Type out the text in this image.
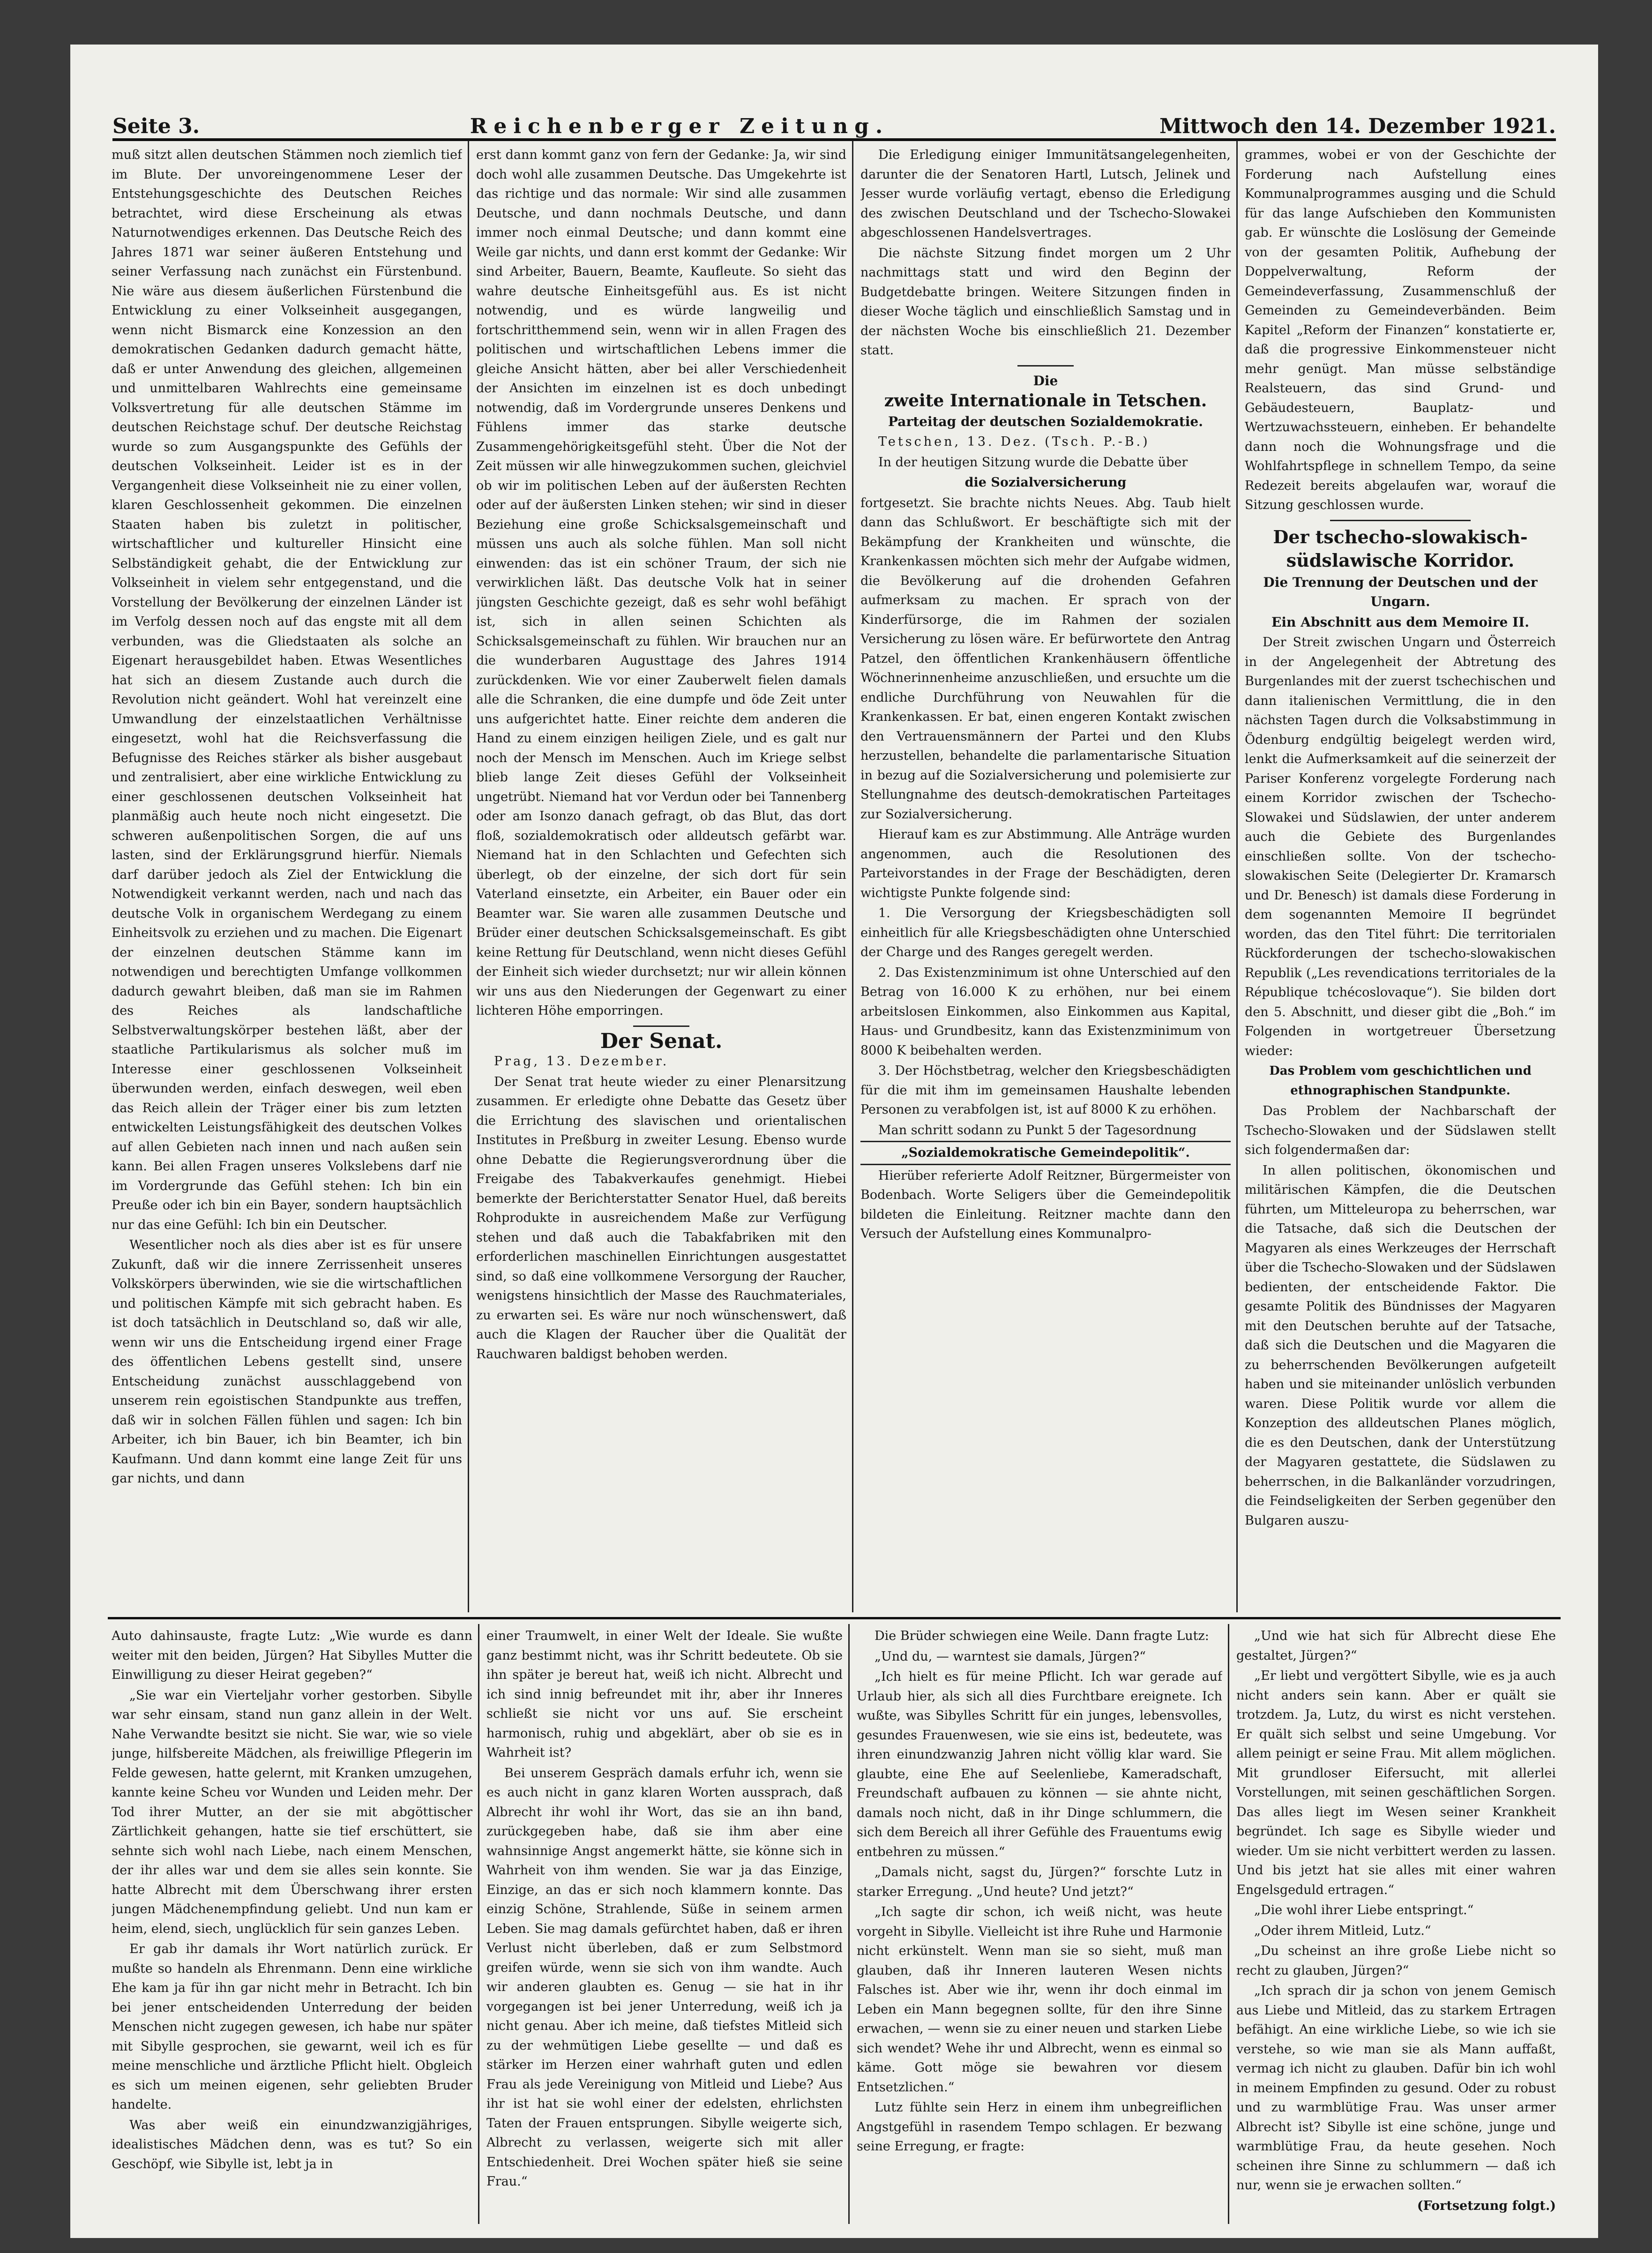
Seite 3.	Reichenberger Zeitung.	Mittwoch den 14. Dezember 1921.

muß sitzt allen deutschen Stämmen noch ziemlich tief im Blute. Der unvoreingenommene Leser der Entstehungsgeschichte des Deutschen Reiches betrachtet, wird diese Erscheinung als etwas Naturnotwendiges erkennen. Das Deutsche Reich des Jahres 1871 war seiner äußeren Entstehung und seiner Verfassung nach zunächst ein Fürstenbund. Nie wäre aus diesem äußerlichen Fürstenbund die Entwicklung zu einer Volkseinheit ausgegangen, wenn nicht Bismarck eine Konzession an den demokratischen Gedanken dadurch gemacht hätte, daß er unter Anwendung des gleichen, allgemeinen und unmittelbaren Wahlrechts eine gemeinsame Volksvertretung für alle deutschen Stämme im deutschen Reichstage schuf. Der deutsche Reichstag wurde so zum Ausgangspunkte des Gefühls der deutschen Volkseinheit. Leider ist es in der Vergangenheit diese Volkseinheit nie zu einer vollen, klaren Geschlossenheit gekommen. Die einzelnen Staaten haben bis zuletzt in politischer, wirtschaftlicher und kultureller Hinsicht eine Selbständigkeit gehabt, die der Entwicklung zur Volkseinheit in vielem sehr entgegenstand, und die Vorstellung der Bevölkerung der einzelnen Länder ist im Verfolg dessen noch auf das engste mit all dem verbunden, was die Gliedstaaten als solche an Eigenart herausgebildet haben. Etwas Wesentliches hat sich an diesem Zustande auch durch die Revolution nicht geändert. Wohl hat vereinzelt eine Umwandlung der einzelstaatlichen Verhältnisse eingesetzt, wohl hat die Reichsverfassung die Befugnisse des Reiches stärker als bisher ausgebaut und zentralisiert, aber eine wirkliche Entwicklung zu einer geschlossenen deutschen Volkseinheit hat planmäßig auch heute noch nicht eingesetzt. Die schweren außenpolitischen Sorgen, die auf uns lasten, sind der Erklärungsgrund hierfür. Niemals darf darüber jedoch als Ziel der Entwicklung die Notwendigkeit verkannt werden, nach und nach das deutsche Volk in organischem Werdegang zu einem Einheitsvolk zu erziehen und zu machen. Die Eigenart der einzelnen deutschen Stämme kann im notwendigen und berechtigten Umfange vollkommen dadurch gewahrt bleiben, daß man sie im Rahmen des Reiches als landschaftliche Selbstverwaltungskörper bestehen läßt, aber der staatliche Partikularismus als solcher muß im Interesse einer geschlossenen Volkseinheit überwunden werden, einfach deswegen, weil eben das Reich allein der Träger einer bis zum letzten entwickelten Leistungsfähigkeit des deutschen Volkes auf allen Gebieten nach innen und nach außen sein kann. Bei allen Fragen unseres Volkslebens darf nie im Vordergrunde das Gefühl stehen: Ich bin ein Preuße oder ich bin ein Bayer, sondern hauptsächlich nur das eine Gefühl: Ich bin ein Deutscher.

Wesentlicher noch als dies aber ist es für unsere Zukunft, daß wir die innere Zerrissenheit unseres Volkskörpers überwinden, wie sie die wirtschaftlichen und politischen Kämpfe mit sich gebracht haben. Es ist doch tatsächlich in Deutschland so, daß wir alle, wenn wir uns die Entscheidung irgend einer Frage des öffentlichen Lebens gestellt sind, unsere Entscheidung zunächst ausschlaggebend von unserem rein egoistischen Standpunkte aus treffen, daß wir in solchen Fällen fühlen und sagen: Ich bin Arbeiter, ich bin Bauer, ich bin Beamter, ich bin Kaufmann. Und dann kommt eine lange Zeit für uns gar nichts, und dann

erst dann kommt ganz von fern der Gedanke: Ja, wir sind doch wohl alle zusammen Deutsche. Das Umgekehrte ist das richtige und das normale: Wir sind alle zusammen Deutsche, und dann nochmals Deutsche, und dann immer noch einmal Deutsche; und dann kommt eine Weile gar nichts, und dann erst kommt der Gedanke: Wir sind Arbeiter, Bauern, Beamte, Kaufleute. So sieht das wahre deutsche Einheitsgefühl aus. Es ist nicht notwendig, und es würde langweilig und fortschritthemmend sein, wenn wir in allen Fragen des politischen und wirtschaftlichen Lebens immer die gleiche Ansicht hätten, aber bei aller Verschiedenheit der Ansichten im einzelnen ist es doch unbedingt notwendig, daß im Vordergrunde unseres Denkens und Fühlens immer das starke deutsche Zusammengehörigkeitsgefühl steht. Über die Not der Zeit müssen wir alle hinwegzukommen suchen, gleichviel ob wir im politischen Leben auf der äußersten Rechten oder auf der äußersten Linken stehen; wir sind in dieser Beziehung eine große Schicksalsgemeinschaft und müssen uns auch als solche fühlen. Man soll nicht einwenden: das ist ein schöner Traum, der sich nie verwirklichen läßt. Das deutsche Volk hat in seiner jüngsten Geschichte gezeigt, daß es sehr wohl befähigt ist, sich in allen seinen Schichten als Schicksalsgemeinschaft zu fühlen. Wir brauchen nur an die wunderbaren Augusttage des Jahres 1914 zurückdenken. Wie vor einer Zauberwelt fielen damals alle die Schranken, die eine dumpfe und öde Zeit unter uns aufgerichtet hatte. Einer reichte dem anderen die Hand zu einem einzigen heiligen Ziele, und es galt nur noch der Mensch im Menschen. Auch im Kriege selbst blieb lange Zeit dieses Gefühl der Volkseinheit ungetrübt. Niemand hat vor Verdun oder bei Tannenberg oder am Isonzo danach gefragt, ob das Blut, das dort floß, sozialdemokratisch oder alldeutsch gefärbt war. Niemand hat in den Schlachten und Gefechten sich überlegt, ob der einzelne, der sich dort für sein Vaterland einsetzte, ein Arbeiter, ein Bauer oder ein Beamter war. Sie waren alle zusammen Deutsche und Brüder einer deutschen Schicksalsgemeinschaft. Es gibt keine Rettung für Deutschland, wenn nicht dieses Gefühl der Einheit sich wieder durchsetzt; nur wir allein können wir uns aus den Niederungen der Gegenwart zu einer lichteren Höhe emporringen.

Der Senat.

Prag, 13. Dezember.

Der Senat trat heute wieder zu einer Plenarsitzung zusammen. Er erledigte ohne Debatte das Gesetz über die Errichtung des slavischen und orientalischen Institutes in Preßburg in zweiter Lesung. Ebenso wurde ohne Debatte die Regierungsverordnung über die Freigabe des Tabakverkaufes genehmigt. Hiebei bemerkte der Berichterstatter Senator Huel, daß bereits Rohprodukte in ausreichendem Maße zur Verfügung stehen und daß auch die Tabakfabriken mit den erforderlichen maschinellen Einrichtungen ausgestattet sind, so daß eine vollkommene Versorgung der Raucher, wenigstens hinsichtlich der Masse des Rauchmateriales, zu erwarten sei. Es wäre nur noch wünschenswert, daß auch die Klagen der Raucher über die Qualität der Rauchwaren baldigst behoben werden.

Die Erledigung einiger Immunitätsangelegenheiten, darunter die der Senatoren Hartl, Lutsch, Jelinek und Jesser wurde vorläufig vertagt, ebenso die Erledigung des zwischen Deutschland und der Tschecho-Slowakei abgeschlossenen Handelsvertrages.

Die nächste Sitzung findet morgen um 2 Uhr nachmittags statt und wird den Beginn der Budgetdebatte bringen. Weitere Sitzungen finden in dieser Woche täglich und einschließlich Samstag und in der nächsten Woche bis einschließlich 21. Dezember statt.

Die

zweite Internationale in Tetschen.

Parteitag der deutschen Sozialdemokratie.

Tetschen, 13. Dez. (Tsch. P.-B.)

In der heutigen Sitzung wurde die Debatte über

die Sozialversicherung

fortgesetzt. Sie brachte nichts Neues. Abg. Taub hielt dann das Schlußwort. Er beschäftigte sich mit der Bekämpfung der Krankheiten und wünschte, die Krankenkassen möchten sich mehr der Aufgabe widmen, die Bevölkerung auf die drohenden Gefahren aufmerksam zu machen. Er sprach von der Kinderfürsorge, die im Rahmen der sozialen Versicherung zu lösen wäre. Er befürwortete den Antrag Patzel, den öffentlichen Krankenhäusern öffentliche Wöchnerinnenheime anzuschließen, und ersuchte um die endliche Durchführung von Neuwahlen für die Krankenkassen. Er bat, einen engeren Kontakt zwischen den Vertrauensmännern der Partei und den Klubs herzustellen, behandelte die parlamentarische Situation in bezug auf die Sozialversicherung und polemisierte zur Stellungnahme des deutsch-demokratischen Parteitages zur Sozialversicherung.

Hierauf kam es zur Abstimmung. Alle Anträge wurden angenommen, auch die Resolutionen des Parteivorstandes in der Frage der Beschädigten, deren wichtigste Punkte folgende sind:

1. Die Versorgung der Kriegsbeschädigten soll einheitlich für alle Kriegsbeschädigten ohne Unterschied der Charge und des Ranges geregelt werden.

2. Das Existenzminimum ist ohne Unterschied auf den Betrag von 16.000 K zu erhöhen, nur bei einem arbeitslosen Einkommen, also Einkommen aus Kapital, Haus- und Grundbesitz, kann das Existenzminimum von 8000 K beibehalten werden.

3. Der Höchstbetrag, welcher den Kriegsbeschädigten für die mit ihm im gemeinsamen Haushalte lebenden Personen zu verabfolgen ist, ist auf 8000 K zu erhöhen.

Man schritt sodann zu Punkt 5 der Tagesordnung

„Sozialdemokratische Gemeindepolitik“.

Hierüber referierte Adolf Reitzner, Bürgermeister von Bodenbach. Worte Seligers über die Gemeindepolitik bildeten die Einleitung. Reitzner machte dann den Versuch der Aufstellung eines Kommunalpro-

grammes, wobei er von der Geschichte der Forderung nach Aufstellung eines Kommunalprogrammes ausging und die Schuld für das lange Aufschieben den Kommunisten gab. Er wünschte die Loslösung der Gemeinde von der gesamten Politik, Aufhebung der Doppelverwaltung, Reform der Gemeindeverfassung, Zusammenschluß der Gemeinden zu Gemeindeverbänden. Beim Kapitel „Reform der Finanzen“ konstatierte er, daß die progressive Einkommensteuer nicht mehr genügt. Man müsse selbständige Realsteuern, das sind Grund- und Gebäudesteuern, Bauplatz- und Wertzuwachssteuern, einheben. Er behandelte dann noch die Wohnungsfrage und die Wohlfahrtspflege in schnellem Tempo, da seine Redezeit bereits abgelaufen war, worauf die Sitzung geschlossen wurde.

Der tschecho-slowakisch-

südslawische Korridor.

Die Trennung der Deutschen und der Ungarn.

Ein Abschnitt aus dem Memoire II.

Der Streit zwischen Ungarn und Österreich in der Angelegenheit der Abtretung des Burgenlandes mit der zuerst tschechischen und dann italienischen Vermittlung, die in den nächsten Tagen durch die Volksabstimmung in Ödenburg endgültig beigelegt werden wird, lenkt die Aufmerksamkeit auf die seinerzeit der Pariser Konferenz vorgelegte Forderung nach einem Korridor zwischen der Tschecho-Slowakei und Südslawien, der unter anderem auch die Gebiete des Burgenlandes einschließen sollte. Von der tschecho-slowakischen Seite (Delegierter Dr. Kramarsch und Dr. Benesch) ist damals diese Forderung in dem sogenannten Memoire II begründet worden, das den Titel führt: Die territorialen Rückforderungen der tschecho-slowakischen Republik („Les revendications territoriales de la République tchécoslovaque“). Sie bilden dort den 5. Abschnitt, und dieser gibt die „Boh.“ im Folgenden in wortgetreuer Übersetzung wieder:

Das Problem vom geschichtlichen und ethnographischen Standpunkte.

Das Problem der Nachbarschaft der Tschecho-Slowaken und der Südslawen stellt sich folgendermaßen dar:

In allen politischen, ökonomischen und militärischen Kämpfen, die die Deutschen führten, um Mitteleuropa zu beherrschen, war die Tatsache, daß sich die Deutschen der Magyaren als eines Werkzeuges der Herrschaft über die Tschecho-Slowaken und der Südslawen bedienten, der entscheidende Faktor. Die gesamte Politik des Bündnisses der Magyaren mit den Deutschen beruhte auf der Tatsache, daß sich die Deutschen und die Magyaren die zu beherrschenden Bevölkerungen aufgeteilt haben und sie miteinander unlöslich verbunden waren. Diese Politik wurde vor allem die Konzeption des alldeutschen Planes möglich, die es den Deutschen, dank der Unterstützung der Magyaren gestattete, die Südslawen zu beherrschen, in die Balkanländer vorzudringen, die Feindseligkeiten der Serben gegenüber den Bulgaren auszu-

Auto dahinsauste, fragte Lutz: „Wie wurde es dann weiter mit den beiden, Jürgen? Hat Sibylles Mutter die Einwilligung zu dieser Heirat gegeben?“

„Sie war ein Vierteljahr vorher gestorben. Sibylle war sehr einsam, stand nun ganz allein in der Welt. Nahe Verwandte besitzt sie nicht. Sie war, wie so viele junge, hilfsbereite Mädchen, als freiwillige Pflegerin im Felde gewesen, hatte gelernt, mit Kranken umzugehen, kannte keine Scheu vor Wunden und Leiden mehr. Der Tod ihrer Mutter, an der sie mit abgöttischer Zärtlichkeit gehangen, hatte sie tief erschüttert, sie sehnte sich wohl nach Liebe, nach einem Menschen, der ihr alles war und dem sie alles sein konnte. Sie hatte Albrecht mit dem Überschwang ihrer ersten jungen Mädchenempfindung geliebt. Und nun kam er heim, elend, siech, unglücklich für sein ganzes Leben.

Er gab ihr damals ihr Wort natürlich zurück. Er mußte so handeln als Ehrenmann. Denn eine wirkliche Ehe kam ja für ihn gar nicht mehr in Betracht. Ich bin bei jener entscheidenden Unterredung der beiden Menschen nicht zugegen gewesen, ich habe nur später mit Sibylle gesprochen, sie gewarnt, weil ich es für meine menschliche und ärztliche Pflicht hielt. Obgleich es sich um meinen eigenen, sehr geliebten Bruder handelte.

Was aber weiß ein einundzwanzigjähriges, idealistisches Mädchen denn, was es tut? So ein Geschöpf, wie Sibylle ist, lebt ja in

einer Traumwelt, in einer Welt der Ideale. Sie wußte ganz bestimmt nicht, was ihr Schritt bedeutete. Ob sie ihn später je bereut hat, weiß ich nicht. Albrecht und ich sind innig befreundet mit ihr, aber ihr Inneres schließt sie nicht vor uns auf. Sie erscheint harmonisch, ruhig und abgeklärt, aber ob sie es in Wahrheit ist?

Bei unserem Gespräch damals erfuhr ich, wenn sie es auch nicht in ganz klaren Worten aussprach, daß Albrecht ihr wohl ihr Wort, das sie an ihn band, zurückgegeben habe, daß sie ihm aber eine wahnsinnige Angst angemerkt hätte, sie könne sich in Wahrheit von ihm wenden. Sie war ja das Einzige, Einzige, an das er sich noch klammern konnte. Das einzig Schöne, Strahlende, Süße in seinem armen Leben. Sie mag damals gefürchtet haben, daß er ihren Verlust nicht überleben, daß er zum Selbstmord greifen würde, wenn sie sich von ihm wandte. Auch wir anderen glaubten es. Genug — sie hat in ihr vorgegangen ist bei jener Unterredung, weiß ich ja nicht genau. Aber ich meine, daß tiefstes Mitleid sich zu der wehmütigen Liebe gesellte — und daß es stärker im Herzen einer wahrhaft guten und edlen Frau als jede Vereinigung von Mitleid und Liebe? Aus ihr ist hat sie wohl einer der edelsten, ehrlichsten Taten der Frauen entsprungen. Sibylle weigerte sich, Albrecht zu verlassen, weigerte sich mit aller Entschiedenheit. Drei Wochen später hieß sie seine Frau.“

Die Brüder schwiegen eine Weile. Dann fragte Lutz:

„Und du, — warntest sie damals, Jürgen?“

„Ich hielt es für meine Pflicht. Ich war gerade auf Urlaub hier, als sich all dies Furchtbare ereignete. Ich wußte, was Sibylles Schritt für ein junges, lebensvolles, gesundes Frauenwesen, wie sie eins ist, bedeutete, was ihren einundzwanzig Jahren nicht völlig klar ward. Sie glaubte, eine Ehe auf Seelenliebe, Kameradschaft, Freundschaft aufbauen zu können — sie ahnte nicht, damals noch nicht, daß in ihr Dinge schlummern, die sich dem Bereich all ihrer Gefühle des Frauentums ewig entbehren zu müssen.“

„Damals nicht, sagst du, Jürgen?“ forschte Lutz in starker Erregung. „Und heute? Und jetzt?“

„Ich sagte dir schon, ich weiß nicht, was heute vorgeht in Sibylle. Vielleicht ist ihre Ruhe und Harmonie nicht erkünstelt. Wenn man sie so sieht, muß man glauben, daß ihr Inneren lauteren Wesen nichts Falsches ist. Aber wie ihr, wenn ihr doch einmal im Leben ein Mann begegnen sollte, für den ihre Sinne erwachen, — wenn sie zu einer neuen und starken Liebe sich wendet? Wehe ihr und Albrecht, wenn es einmal so käme. Gott möge sie bewahren vor diesem Entsetzlichen.“

Lutz fühlte sein Herz in einem ihm unbegreiflichen Angstgefühl in rasendem Tempo schlagen. Er bezwang seine Erregung, er fragte:

„Und wie hat sich für Albrecht diese Ehe gestaltet, Jürgen?“

„Er liebt und vergöttert Sibylle, wie es ja auch nicht anders sein kann. Aber er quält sie trotzdem. Ja, Lutz, du wirst es nicht verstehen. Er quält sich selbst und seine Umgebung. Vor allem peinigt er seine Frau. Mit allem möglichen. Mit grundloser Eifersucht, mit allerlei Vorstellungen, mit seinen geschäftlichen Sorgen. Das alles liegt im Wesen seiner Krankheit begründet. Ich sage es Sibylle wieder und wieder. Um sie nicht verbittert werden zu lassen. Und bis jetzt hat sie alles mit einer wahren Engelsgeduld ertragen.“

„Die wohl ihrer Liebe entspringt.“

„Oder ihrem Mitleid, Lutz.“

„Du scheinst an ihre große Liebe nicht so recht zu glauben, Jürgen?“

„Ich sprach dir ja schon von jenem Gemisch aus Liebe und Mitleid, das zu starkem Ertragen befähigt. An eine wirkliche Liebe, so wie ich sie verstehe, so wie man sie als Mann auffaßt, vermag ich nicht zu glauben. Dafür bin ich wohl in meinem Empfinden zu gesund. Oder zu robust und zu warmblütige Frau. Was unser armer Albrecht ist? Sibylle ist eine schöne, junge und warmblütige Frau, da heute gesehen. Noch scheinen ihre Sinne zu schlummern — daß ich nur, wenn sie je erwachen sollten.“

(Fortsetzung folgt.)
